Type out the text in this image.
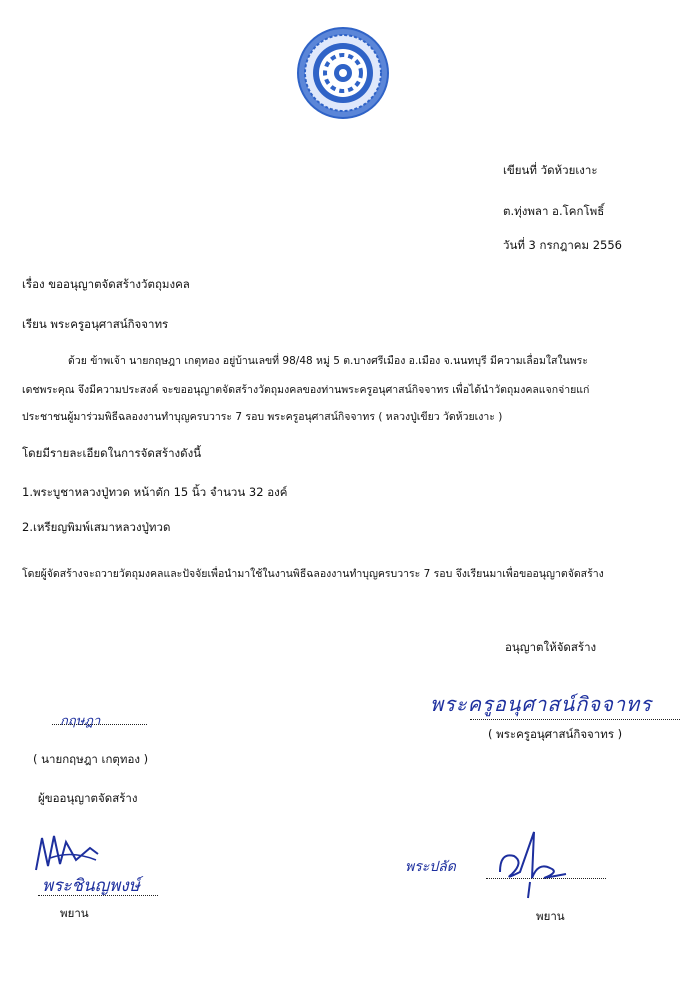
เขียนที่ วัดห้วยเงาะ
ต.ทุ่งพลา อ.โคกโพธิ์
วันที่ 3 กรกฎาคม 2556
เรื่อง ขออนุญาตจัดสร้างวัตถุมงคล
เรียน พระครูอนุศาสน์กิจจาทร
ด้วย ข้าพเจ้า นายกฤษฎา เกตุทอง อยู่บ้านเลขที่ 98/48 หมู่ 5 ต.บางศรีเมือง อ.เมือง จ.นนทบุรี มีความเลื่อมใสในพระ
เดชพระคุณ จึงมีความประสงค์ จะขออนุญาตจัดสร้างวัตถุมงคลของท่านพระครูอนุศาสน์กิจจาทร เพื่อได้นำวัตถุมงคลแจกจ่ายแก่
ประชาชนผู้มาร่วมพิธีฉลองงานทำบุญครบวาระ 7 รอบ พระครูอนุศาสน์กิจจาทร ( หลวงปู่เขียว วัดห้วยเงาะ )
โดยมีรายละเอียดในการจัดสร้างดังนี้
1.พระบูชาหลวงปู่ทวด หน้าตัก 15 นิ้ว จำนวน 32 องค์
2.เหรียญพิมพ์เสมาหลวงปู่ทวด
โดยผู้จัดสร้างจะถวายวัตถุมงคลและปัจจัยเพื่อนำมาใช้ในงานพิธีฉลองงานทำบุญครบวาระ 7 รอบ จึงเรียนมาเพื่อขออนุญาตจัดสร้าง
อนุญาตให้จัดสร้าง
พระครูอนุศาสน์กิจจาทร
( พระครูอนุศาสน์กิจจาทร )
กฤษฎา
( นายกฤษฎา เกตุทอง )
ผู้ขออนุญาตจัดสร้าง
พระชินญพงษ์
พยาน
พระปลัด
พยาน
